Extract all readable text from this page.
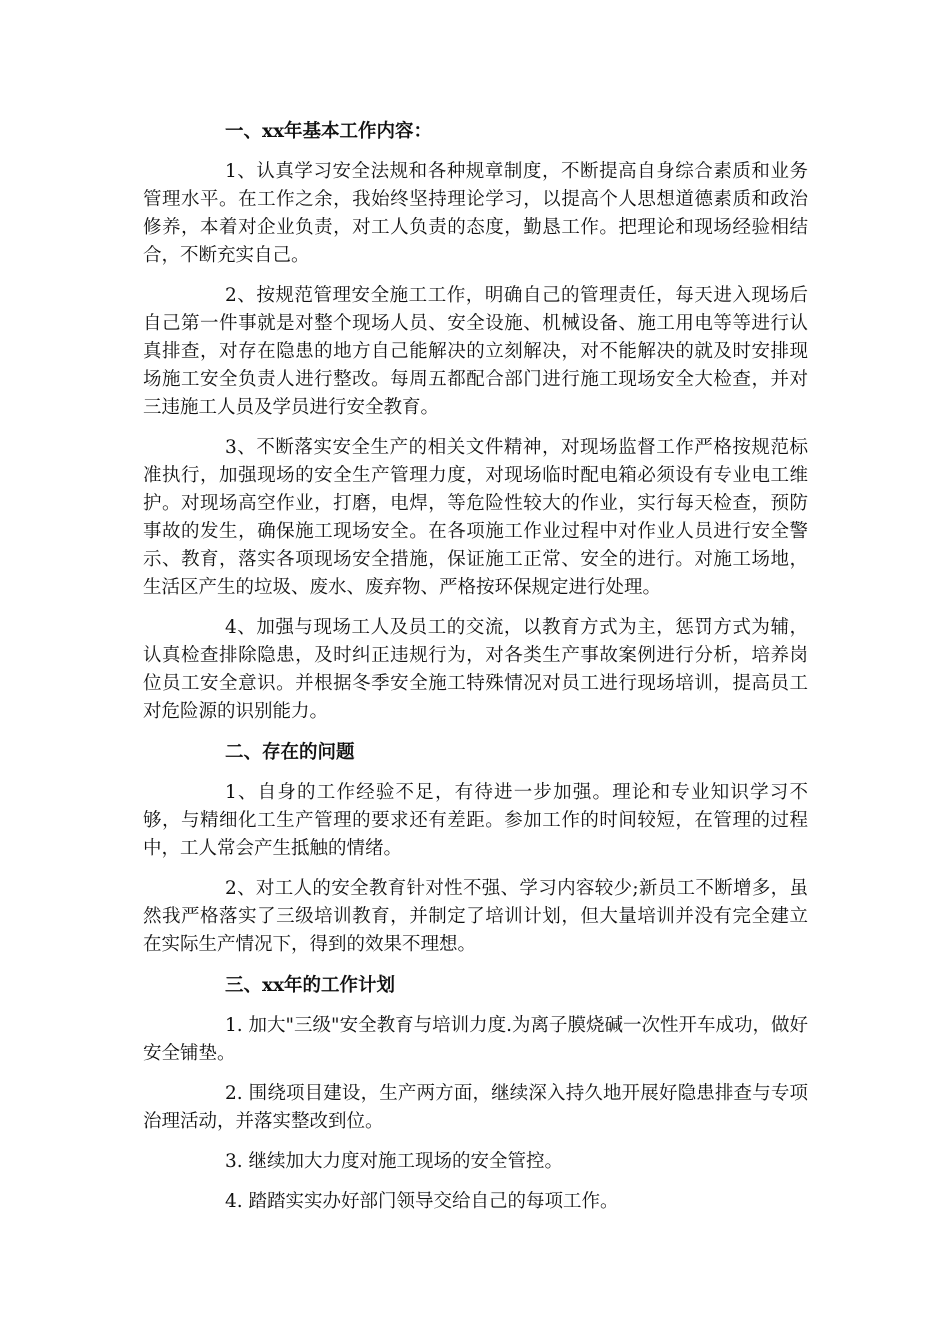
一、xx年基本工作内容：

1、认真学习安全法规和各种规章制度，不断提高自身综合素质和业务管理水平。在工作之余，我始终坚持理论学习，以提高个人思想道德素质和政治修养，本着对企业负责，对工人负责的态度，勤恳工作。把理论和现场经验相结合，不断充实自己。

2、按规范管理安全施工工作，明确自己的管理责任，每天进入现场后自己第一件事就是对整个现场人员、安全设施、机械设备、施工用电等等进行认真排查，对存在隐患的地方自己能解决的立刻解决，对不能解决的就及时安排现场施工安全负责人进行整改。每周五都配合部门进行施工现场安全大检查，并对三违施工人员及学员进行安全教育。

3、不断落实安全生产的相关文件精神，对现场监督工作严格按规范标准执行，加强现场的安全生产管理力度，对现场临时配电箱必须设有专业电工维护。对现场高空作业，打磨，电焊，等危险性较大的作业，实行每天检查，预防事故的发生，确保施工现场安全。在各项施工作业过程中对作业人员进行安全警示、教育，落实各项现场安全措施，保证施工正常、安全的进行。对施工场地，生活区产生的垃圾、废水、废弃物、严格按环保规定进行处理。

4、加强与现场工人及员工的交流，以教育方式为主，惩罚方式为辅，认真检查排除隐患，及时纠正违规行为，对各类生产事故案例进行分析，培养岗位员工安全意识。并根据冬季安全施工特殊情况对员工进行现场培训，提高员工对危险源的识别能力。

二、存在的问题

1、自身的工作经验不足，有待进一步加强。理论和专业知识学习不够，与精细化工生产管理的要求还有差距。参加工作的时间较短，在管理的过程中，工人常会产生抵触的情绪。

2、对工人的安全教育针对性不强、学习内容较少;新员工不断增多，虽然我严格落实了三级培训教育，并制定了培训计划，但大量培训并没有完全建立在实际生产情况下，得到的效果不理想。

三、xx年的工作计划

1. 加大"三级"安全教育与培训力度.为离子膜烧碱一次性开车成功，做好安全铺垫。

2. 围绕项目建设，生产两方面，继续深入持久地开展好隐患排查与专项治理活动，并落实整改到位。

3. 继续加大力度对施工现场的安全管控。

4. 踏踏实实办好部门领导交给自己的每项工作。
